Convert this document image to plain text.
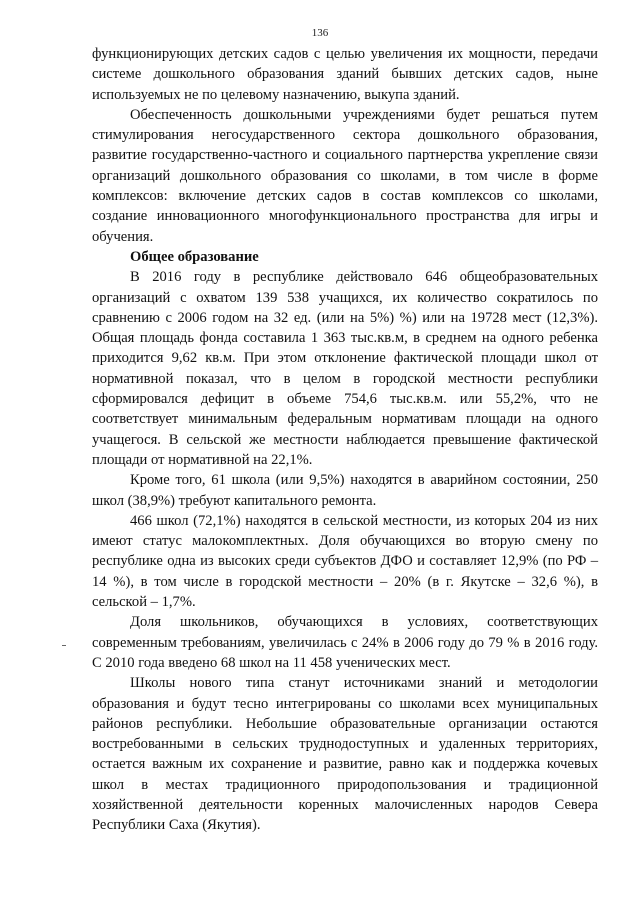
136

функционирующих детских садов с целью увеличения их мощности, передачи системе дошкольного образования зданий бывших детских садов, ныне используемых не по целевому назначению, выкупа зданий.

Обеспеченность дошкольными учреждениями будет решаться путем стимулирования негосударственного сектора дошкольного образования, развитие государственно-частного и социального партнерства укрепление связи организаций дошкольного образования со школами, в том числе в форме комплексов: включение детских садов в состав комплексов со школами, создание инновационного многофункционального пространства для игры и обучения.

Общее образование

В 2016 году в республике действовало 646 общеобразовательных организаций с охватом 139 538 учащихся, их количество сократилось по сравнению с 2006 годом на 32 ед. (или на 5%) %) или на 19728 мест (12,3%). Общая площадь фонда составила 1 363 тыс.кв.м, в среднем на одного ребенка приходится 9,62 кв.м. При этом отклонение фактической площади школ от нормативной показал, что в целом в городской местности республики сформировался дефицит в объеме 754,6 тыс.кв.м. или 55,2%, что не соответствует минимальным федеральным нормативам площади на одного учащегося. В сельской же местности наблюдается превышение фактической площади от нормативной на 22,1%.

Кроме того, 61 школа (или 9,5%) находятся в аварийном состоянии, 250 школ (38,9%) требуют капитального ремонта.

466 школ (72,1%) находятся в сельской местности, из которых 204 из них имеют статус малокомплектных. Доля обучающихся во вторую смену по республике одна из высоких среди субъектов ДФО и составляет 12,9% (по РФ – 14 %), в том числе в городской местности – 20% (в г. Якутске – 32,6 %), в сельской – 1,7%.

Доля школьников, обучающихся в условиях, соответствующих современным требованиям, увеличилась с 24% в 2006 году до 79 % в 2016 году. С 2010 года введено 68 школ на 11 458 ученических мест.

Школы нового типа станут источниками знаний и методологии образования и будут тесно интегрированы со школами всех муниципальных районов республики. Небольшие образовательные организации остаются востребованными в сельских труднодоступных и удаленных территориях, остается важным их сохранение и развитие, равно как и поддержка кочевых школ в местах традиционного природопользования и традиционной хозяйственной деятельности коренных малочисленных народов Севера Республики Саха (Якутия).
